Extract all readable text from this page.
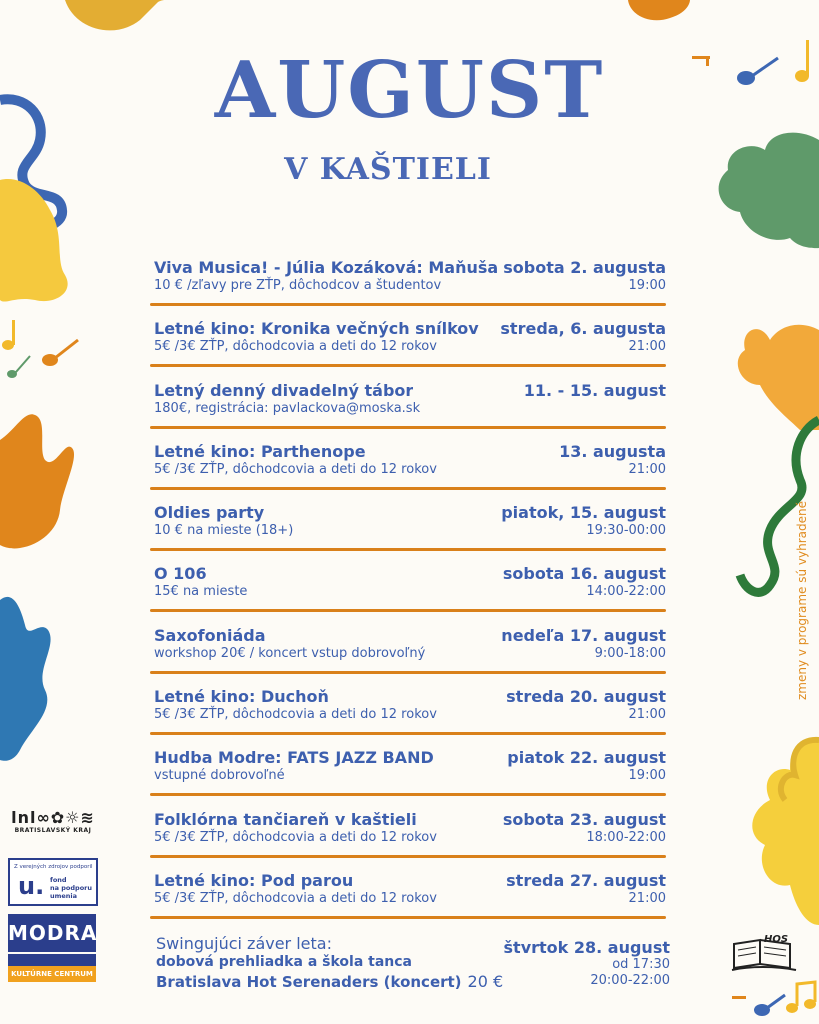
AUGUST
V KAŠTIELI
Viva Musica! - Júlia Kozáková: Maňuša
10 € /zľavy pre ZŤP, dôchodcov a študentov
sobota 2. augusta
19:00
Letné kino: Kronika večných snílkov
5€ /3€ ZŤP, dôchodcovia a deti do 12 rokov
streda, 6. augusta
21:00
Letný denný divadelný tábor
180€, registrácia: pavlackova@moska.sk
11. - 15. august
Letné kino: Parthenope
5€ /3€ ZŤP, dôchodcovia a deti do 12 rokov
13. augusta
21:00
Oldies party
10 € na mieste (18+)
piatok, 15. august
19:30-00:00
O 106
15€ na mieste
sobota 16. august
14:00-22:00
Saxofoniáda
workshop 20€ / koncert vstup dobrovoľný
nedeľa 17. august
9:00-18:00
Letné kino: Duchoň
5€ /3€ ZŤP, dôchodcovia a deti do 12 rokov
streda 20. august
21:00
Hudba Modre: FATS JAZZ BAND
vstupné dobrovoľné
piatok 22. august
19:00
Folklórna tančiareň v kaštieli
5€ /3€ ZŤP, dôchodcovia a deti do 12 rokov
sobota 23. august
18:00-22:00
Letné kino: Pod parou
5€ /3€ ZŤP, dôchodcovia a deti do 12 rokov
streda 27. august
21:00
Swingujúci záver leta:
dobová prehliadka a škola tanca
Bratislava Hot Serenaders (koncert) 20 €
štvrtok 28. august
od 17:30
20:00-22:00
zmeny v programe sú vyhradené
lnl∞✿☼≋
BRATISLAVSKÝ KRAJ
Z verejných zdrojov podporil
u. fond
na podporu
umenia
MODRA
KULTÚRNE CENTRUM
HOS
